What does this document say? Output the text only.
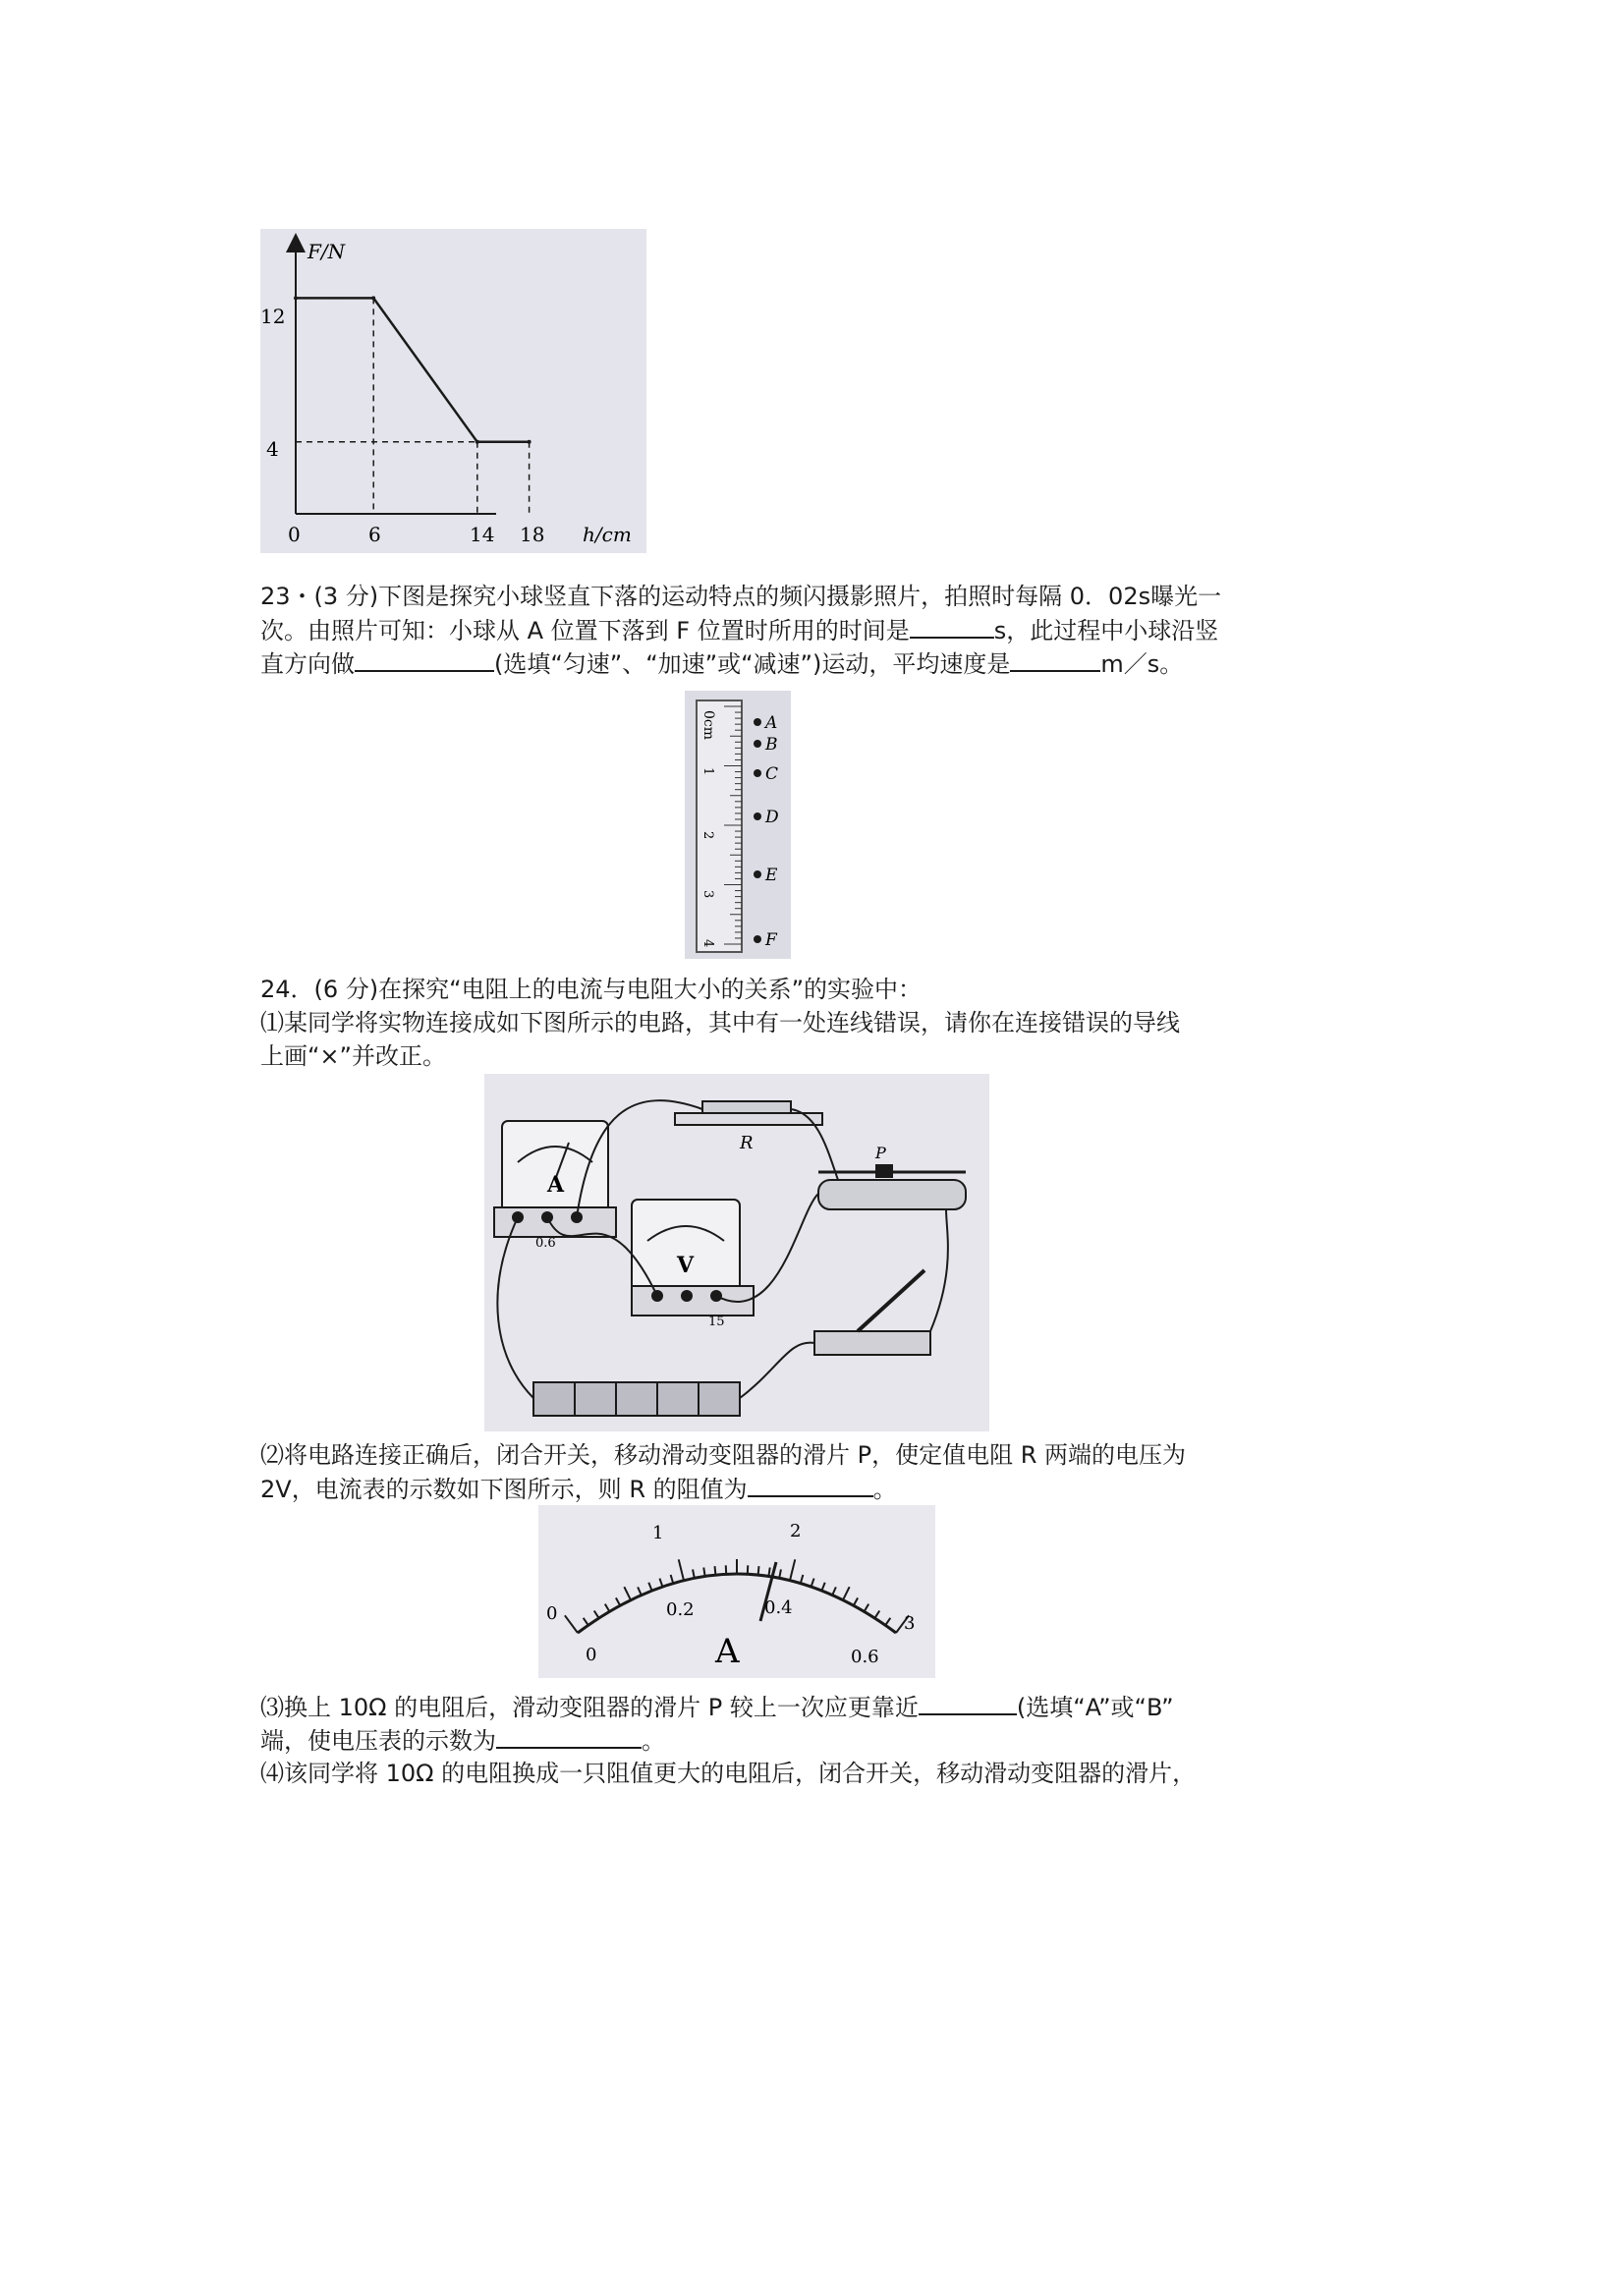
F/N
h/cm
12
4
0	6	14 18
23・(3 分)下图是探究小球竖直下落的运动特点的频闪摄影照片，拍照时每隔 0．02s曝光一
次。由照片可知：小球从 A 位置下落到 F 位置时所用的时间是	s，此过程中小球沿竖
直方向做	(选填“匀速”、“加速”或“减速”)运动，平均速度是	m／s。
0cm
1
2
3
4
A
B
C
D
E
F
24．(6 分)在探究“电阻上的电流与电阻大小的关系”的实验中：
⑴某同学将实物连接成如下图所示的电路，其中有一处连线错误，请你在连接错误的导线
上画“×”并改正。
A
0.6
V
15
R	P
⑵将电路连接正确后，闭合开关，移动滑动变阻器的滑片 P，使定值电阻 R 两端的电压为
2V，电流表的示数如下图所示，则 R 的阻值为	。
A
0
1	2
3
0
0.2	0.4
0.6
⑶换上 10Ω 的电阻后，滑动变阻器的滑片 P 较上一次应更靠近	(选填“A”或“B”
端，使电压表的示数为	。
⑷该同学将 10Ω 的电阻换成一只阻值更大的电阻后，闭合开关，移动滑动变阻器的滑片，
